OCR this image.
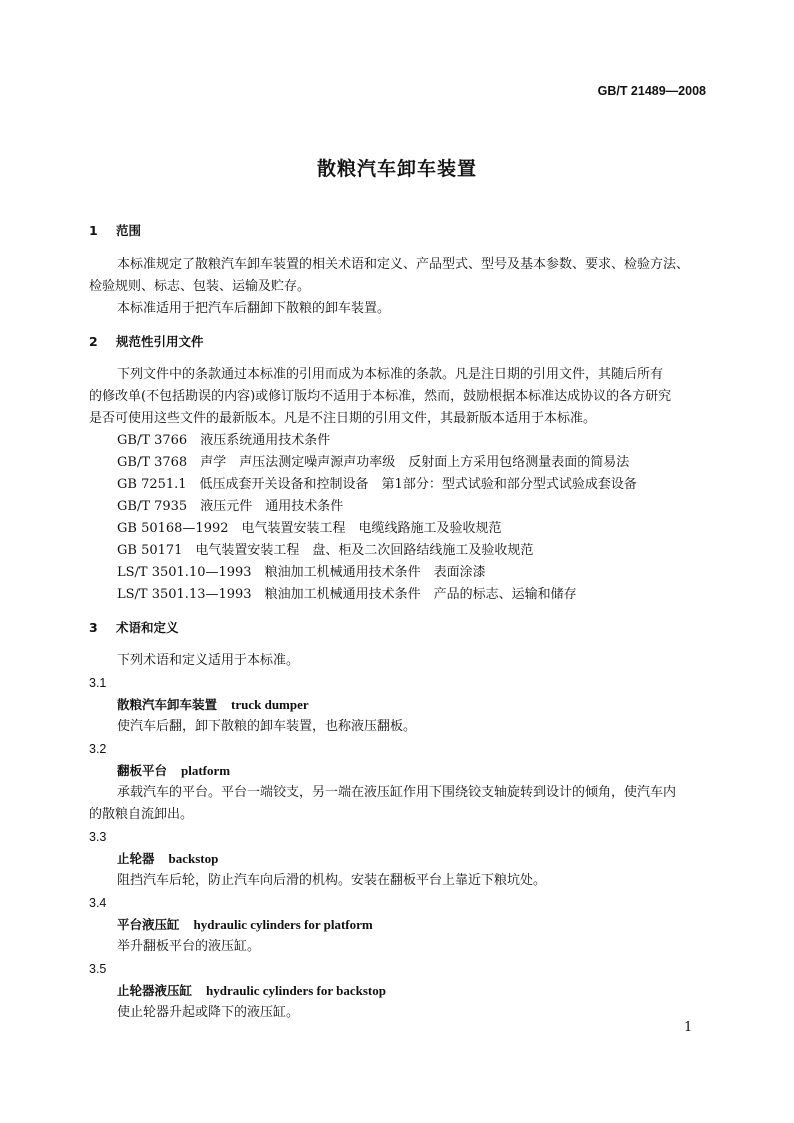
GB/T 21489—2008
散粮汽车卸车装置
1 范围
本标准规定了散粮汽车卸车装置的相关术语和定义、产品型式、型号及基本参数、要求、检验方法、
检验规则、标志、包装、运输及贮存。
本标准适用于把汽车后翻卸下散粮的卸车装置。
2 规范性引用文件
下列文件中的条款通过本标准的引用而成为本标准的条款。凡是注日期的引用文件，其随后所有
的修改单(不包括勘误的内容)或修订版均不适用于本标准，然而，鼓励根据本标准达成协议的各方研究
是否可使用这些文件的最新版本。凡是不注日期的引用文件，其最新版本适用于本标准。
GB/T 3766　液压系统通用技术条件
GB/T 3768　声学　声压法测定噪声源声功率级　反射面上方采用包络测量表面的简易法
GB 7251.1　低压成套开关设备和控制设备　第1部分：型式试验和部分型式试验成套设备
GB/T 7935　液压元件　通用技术条件
GB 50168—1992　电气装置安装工程　电缆线路施工及验收规范
GB 50171　电气装置安装工程　盘、柜及二次回路结线施工及验收规范
LS/T 3501.10—1993　粮油加工机械通用技术条件　表面涂漆
LS/T 3501.13—1993　粮油加工机械通用技术条件　产品的标志、运输和储存
3 术语和定义
下列术语和定义适用于本标准。
3.1
散粮汽车卸车装置 truck dumper
使汽车后翻，卸下散粮的卸车装置，也称液压翻板。
3.2
翻板平台 platform
承载汽车的平台。平台一端铰支，另一端在液压缸作用下围绕铰支轴旋转到设计的倾角，使汽车内
的散粮自流卸出。
3.3
止轮器 backstop
阻挡汽车后轮，防止汽车向后滑的机构。安装在翻板平台上靠近下粮坑处。
3.4
平台液压缸 hydraulic cylinders for platform
举升翻板平台的液压缸。
3.5
止轮器液压缸 hydraulic cylinders for backstop
使止轮器升起或降下的液压缸。
1
